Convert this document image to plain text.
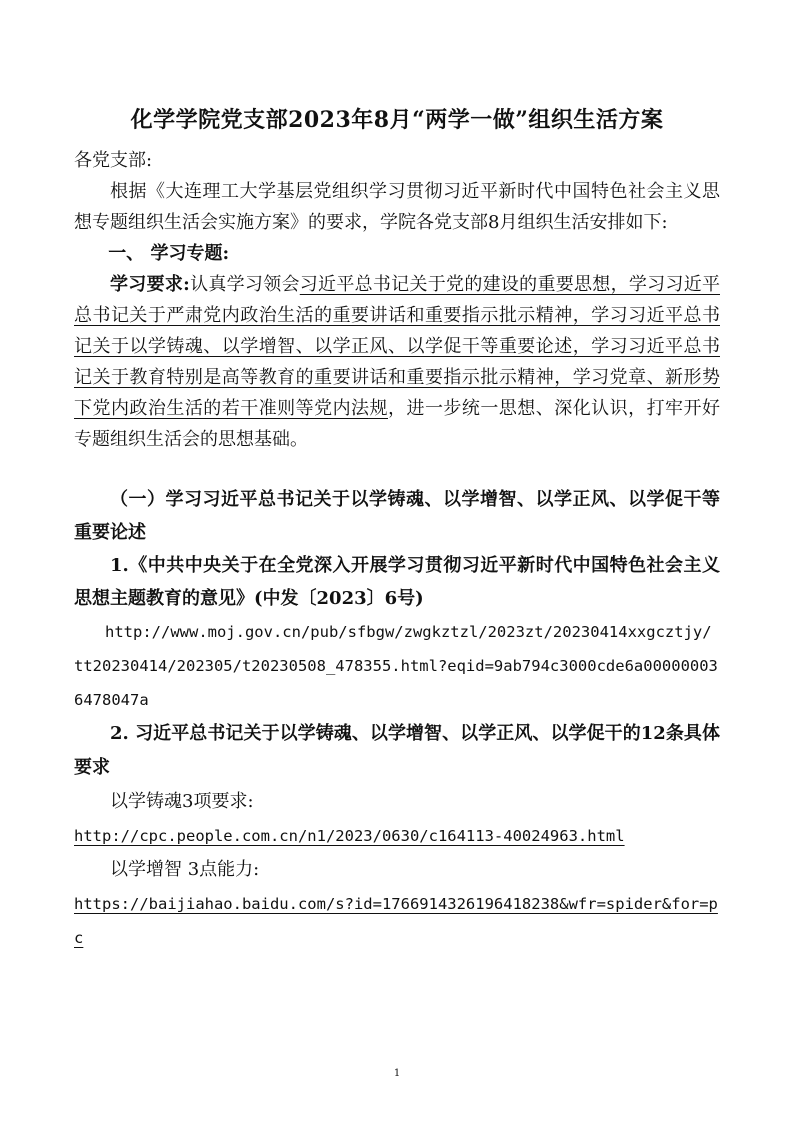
化学学院党支部2023年8月“两学一做”组织生活方案
各党支部:
根据《大连理工大学基层党组织学习贯彻习近平新时代中国特色社会主义思想专题组织生活会实施方案》的要求，学院各党支部8月组织生活安排如下:
一、 学习专题:
学习要求:认真学习领会习近平总书记关于党的建设的重要思想，学习习近平总书记关于严肃党内政治生活的重要讲话和重要指示批示精神，学习习近平总书记关于以学铸魂、以学增智、以学正风、以学促干等重要论述，学习习近平总书记关于教育特别是高等教育的重要讲话和重要指示批示精神，学习党章、新形势下党内政治生活的若干准则等党内法规，进一步统一思想、深化认识，打牢开好专题组织生活会的思想基础。
（一）学习习近平总书记关于以学铸魂、以学增智、以学正风、以学促干等重要论述
1.《中共中央关于在全党深入开展学习贯彻习近平新时代中国特色社会主义思想主题教育的意见》(中发〔2023〕6号)
http://www.moj.gov.cn/pub/sfbgw/zwgkztzl/2023zt/20230414xxgcztjy/tt20230414/202305/t20230508_478355.html?eqid=9ab794c3000cde6a000000036478047a
2. 习近平总书记关于以学铸魂、以学增智、以学正风、以学促干的12条具体要求
以学铸魂3项要求:
http://cpc.people.com.cn/n1/2023/0630/c164113-40024963.html
以学增智 3点能力:
https://baijiahao.baidu.com/s?id=1766914326196418238&wfr=spider&for=pc
1
